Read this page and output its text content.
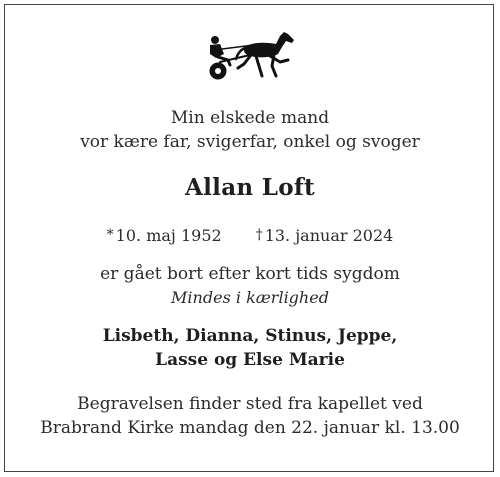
Min elskede mand
vor kære far, svigerfar, onkel og svoger
Allan Loft
* 10. maj 1952 † 13. januar 2024
er gået bort efter kort tids sygdom
Mindes i kærlighed
Lisbeth, Dianna, Stinus, Jeppe,
Lasse og Else Marie
Begravelsen finder sted fra kapellet ved
Brabrand Kirke mandag den 22. januar kl. 13.00
